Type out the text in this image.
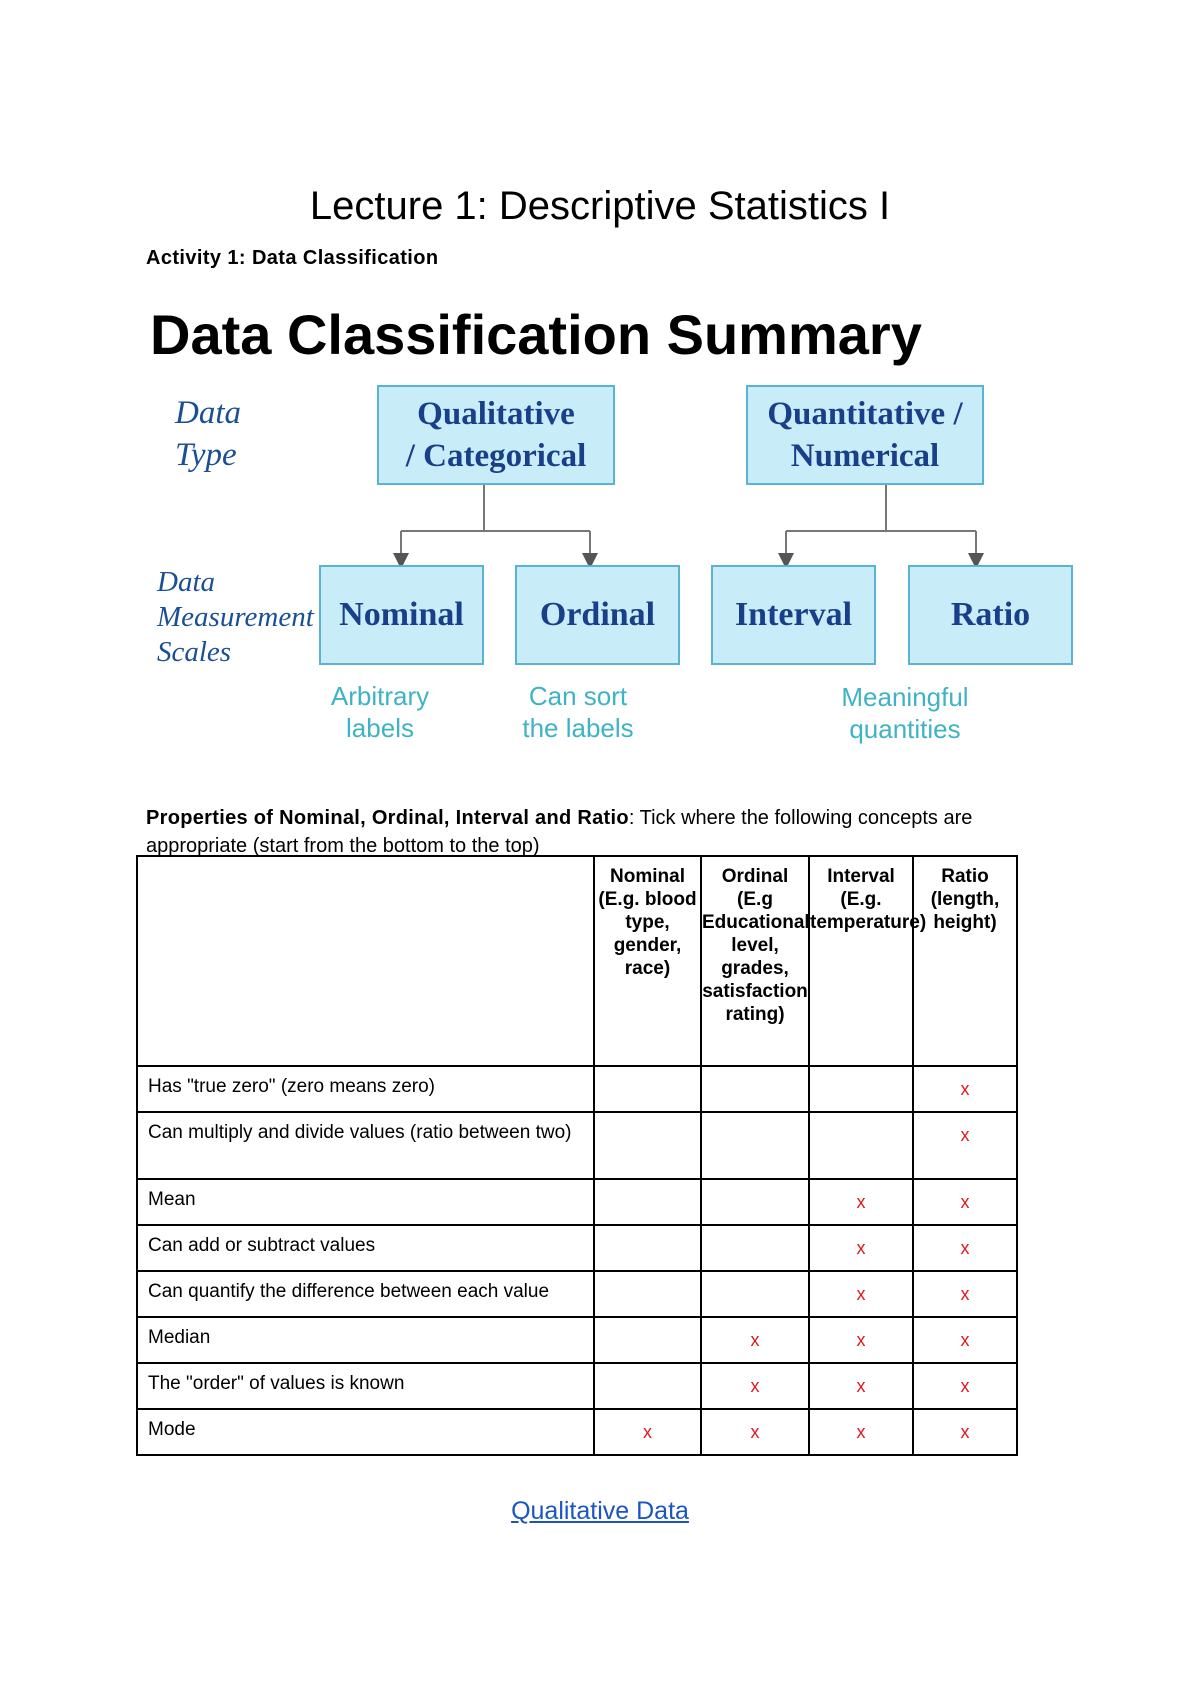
Lecture 1: Descriptive Statistics I
Activity 1: Data Classification
Data Classification Summary
Data
Type
Data
Measurement
Scales
Qualitative
/ Categorical
Quantitative /
Numerical
Nominal	Ordinal	Interval	Ratio
Arbitrary
labels
Can sort
the labels
Meaningful
quantities
Properties of Nominal, Ordinal, Interval and Ratio: Tick where the following concepts are appropriate (start from the bottom to the top)
	Nominal (E.g. blood type, gender, race)	Ordinal (E.g Educational level, grades, satisfaction rating)	Interval (E.g. temperature)	Ratio (length, height)
Has "true zero" (zero means zero)				x
Can multiply and divide values (ratio between two)				x
Mean			x	x
Can add or subtract values			x	x
Can quantify the difference between each value			x	x
Median		x	x	x
The "order" of values is known		x	x	x
Mode	x	x	x	x
Qualitative Data
